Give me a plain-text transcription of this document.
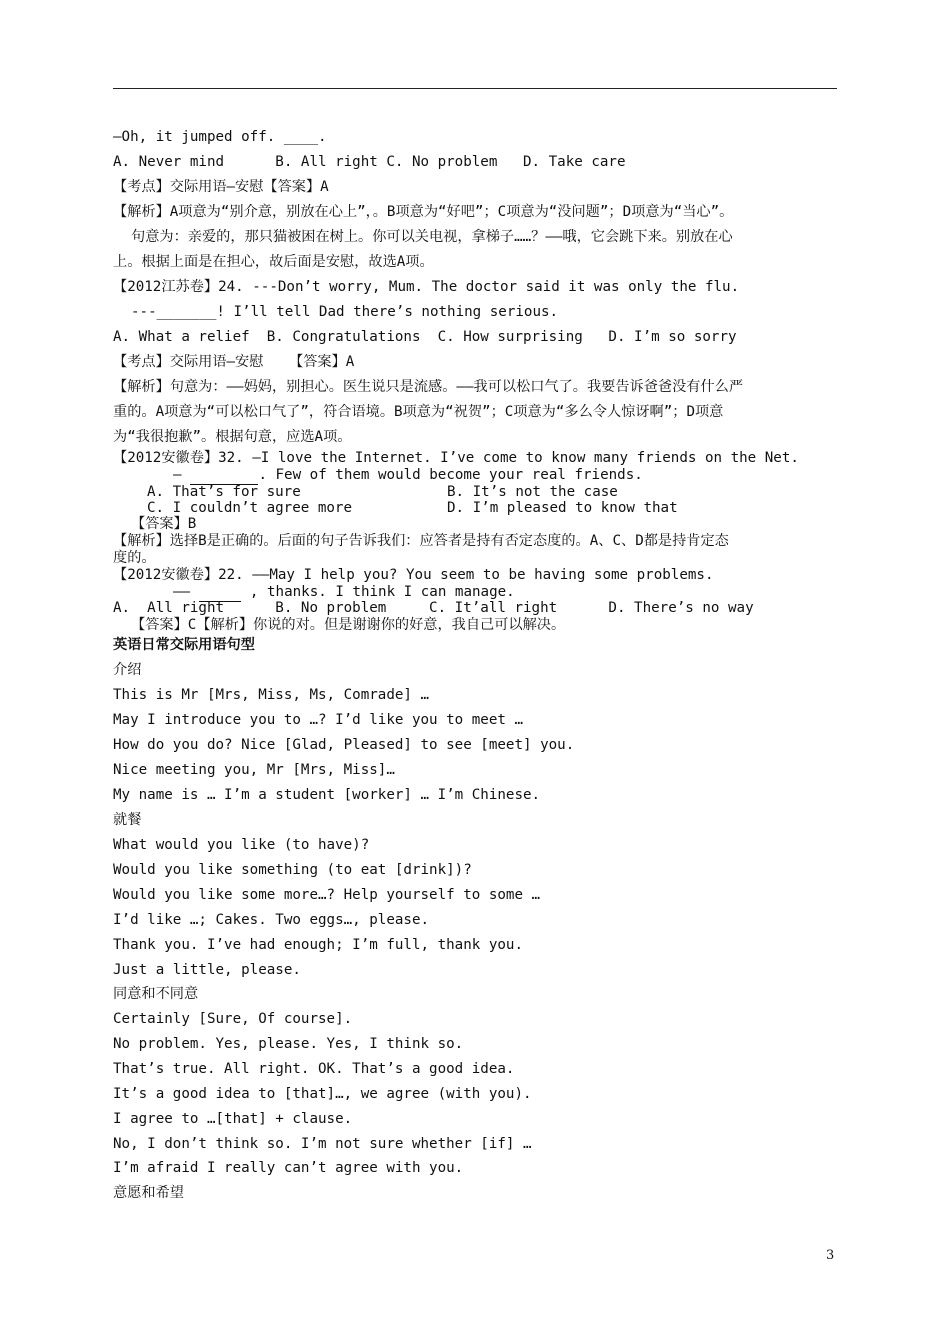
—Oh, it jumped off. ____.
A. Never mind      B. All right C. No problem   D. Take care
【考点】交际用语—安慰【答案】A
【解析】A项意为“别介意，别放在心上”，。B项意为“好吧”；C项意为“没问题”；D项意为“当心”。
句意为：亲爱的，那只猫被困在树上。你可以关电视，拿梯子……？——哦，它会跳下来。别放在心
上。根据上面是在担心，故后面是安慰，故选A项。
【2012江苏卷】24. ---Don’t worry, Mum. The doctor said it was only the flu.
---_______! I’ll tell Dad there’s nothing serious.
A. What a relief  B. Congratulations  C. How surprising   D. I’m so sorry
【考点】交际用语—安慰   【答案】A
【解析】句意为：——妈妈，别担心。医生说只是流感。——我可以松口气了。我要告诉爸爸没有什么严
重的。A项意为“可以松口气了”，符合语境。B项意为“祝贺”；C项意为“多么令人惊讶啊”；D项意
为“我很抱歉”。根据句意，应选A项。
【2012安徽卷】32. —I love the Internet. I’ve come to know many friends on the Net.
—	. Few of them would become your real friends.
A. That’s for sure	B. It’s not the case
C. I couldn’t agree more	D. I’m pleased to know that
【答案】B
【解析】选择B是正确的。后面的句子告诉我们：应答者是持有否定态度的。A、C、D都是持肯定态
度的。
【2012安徽卷】22. ——May I help you? You seem to be having some problems.
——	, thanks. I think I can manage.
A.  All right      B. No problem     C. It’all right      D. There’s no way
【答案】C【解析】你说的对。但是谢谢你的好意，我自己可以解决。
英语日常交际用语句型
介绍
This is Mr [Mrs, Miss, Ms, Comrade] …
May I introduce you to …? I’d like you to meet …
How do you do? Nice [Glad, Pleased] to see [meet] you.
Nice meeting you, Mr [Mrs, Miss]…
My name is … I’m a student [worker] … I’m Chinese.
就餐
What would you like (to have)?
Would you like something (to eat [drink])?
Would you like some more…? Help yourself to some …
I’d like …; Cakes. Two eggs…, please.
Thank you. I’ve had enough; I’m full, thank you.
Just a little, please.
同意和不同意
Certainly [Sure, Of course].
No problem. Yes, please. Yes, I think so.
That’s true. All right. OK. That’s a good idea.
It’s a good idea to [that]…, we agree (with you).
I agree to …[that] + clause.
No, I don’t think so. I’m not sure whether [if] …
I’m afraid I really can’t agree with you.
意愿和希望
3
